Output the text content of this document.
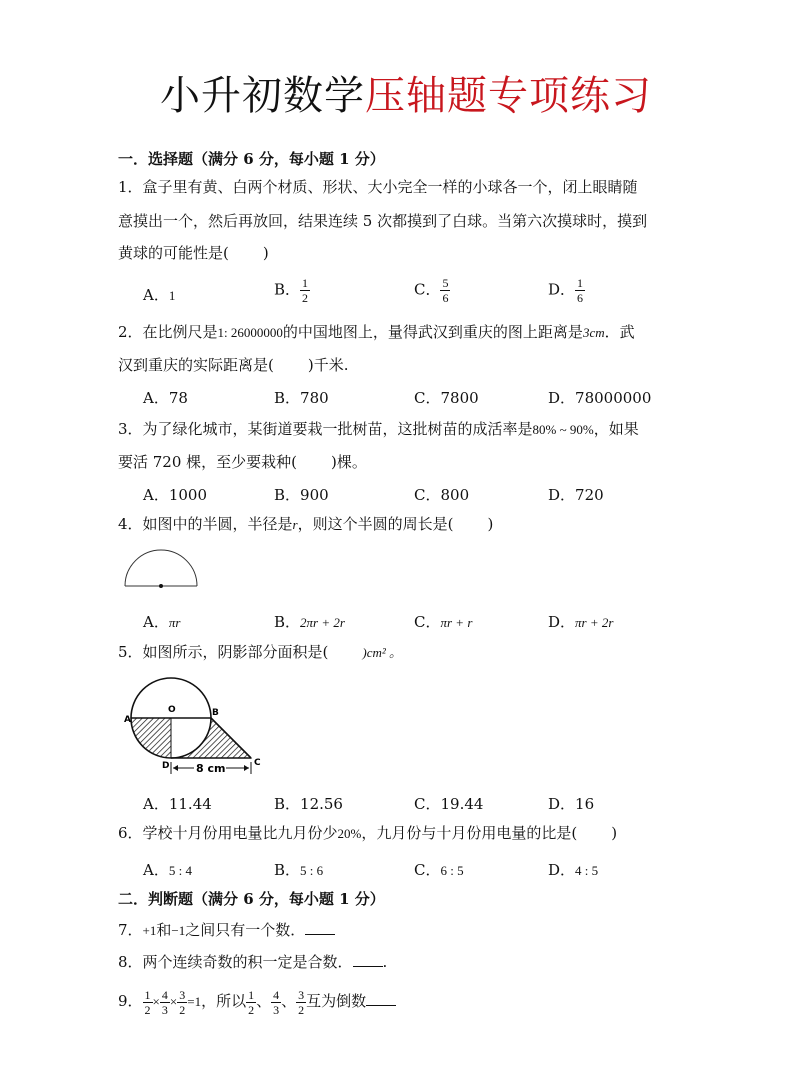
小升初数学压轴题专项练习
一．选择题（满分 6 分，每小题 1 分）
1．盒子里有黄、白两个材质、形状、大小完全一样的小球各一个，闭上眼睛随
意摸出一个，然后再放回，结果连续 5 次都摸到了白球。当第六次摸球时，摸到
黄球的可能性是( )
A．1	B． $\frac{1}{2}$	C． $\frac{5}{6}$	D． $\frac{1}{6}$
2．在比例尺是1: 26000000的中国地图上，量得武汉到重庆的图上距离是3cm．武
汉到重庆的实际距离是( )千米.
A．78	B．780	C．7800	D．78000000
3．为了绿化城市，某街道要栽一批树苗，这批树苗的成活率是80% ~ 90%，如果
要活 720 棵，至少要栽种( )棵。
A．1000	B．900	C．800	D．720
4．如图中的半圆，半径是r，则这个半圆的周长是( )
A．πr	B．2πr + 2r	C．πr + r	D．πr + 2r
5．如图所示，阴影部分面积是(	)cm² 。
A
O	B
C
D 8 cm
A．11.44	B．12.56	C．19.44	D．16
6．学校十月份用电量比九月份少20%，九月份与十月份用电量的比是( )
A．5 : 4	B．5 : 6	C．6 : 5	D．4 : 5
二．判断题（满分 6 分，每小题 1 分）
7．+1和−1之间只有一个数．
8．两个连续奇数的积一定是合数． .
9． $\frac{1}{2} \times \frac{4}{3} \times \frac{3}{2} =1$，所以 $\frac{1}{2}$ 、 $\frac{4}{3}$ 、 $\frac{3}{2}$ 互为倒数
